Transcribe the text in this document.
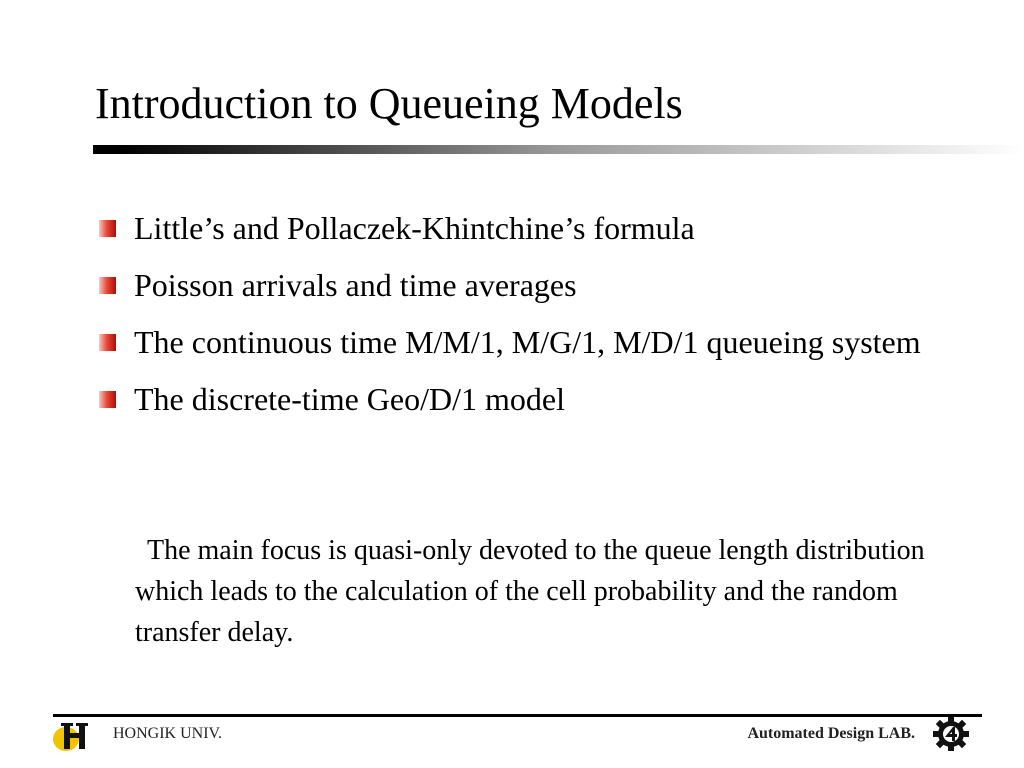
Introduction to Queueing Models
Little’s and Pollaczek-Khintchine’s formula
Poisson arrivals and time averages
The continuous time M/M/1, M/G/1, M/D/1 queueing system
The discrete-time Geo/D/1 model
The main focus is quasi-only devoted to the queue length distribution which leads to the calculation of the cell probability and the random transfer delay.
HONGIK UNIV.	Automated Design LAB.
